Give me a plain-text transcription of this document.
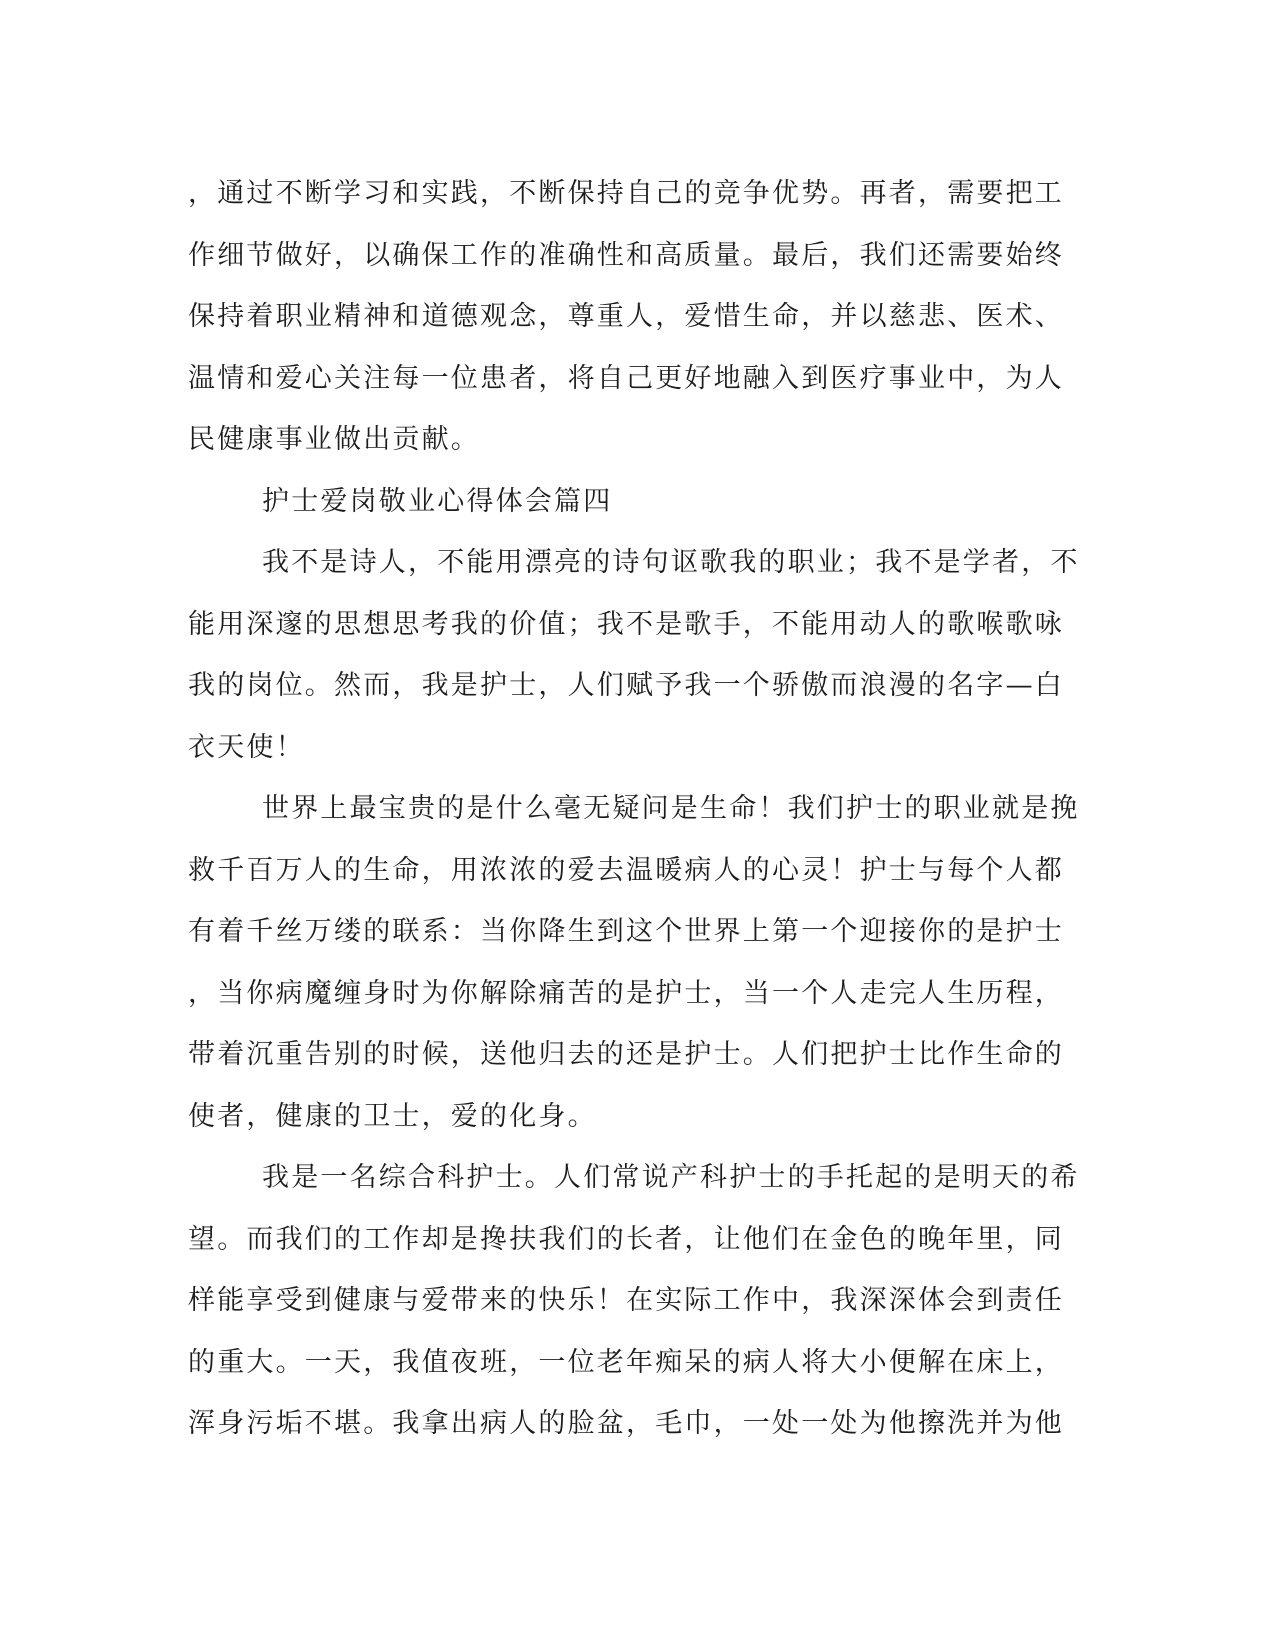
，通过不断学习和实践，不断保持自己的竞争优势。再者，需要把工
作细节做好，以确保工作的准确性和高质量。最后，我们还需要始终
保持着职业精神和道德观念，尊重人，爱惜生命，并以慈悲、医术、
温情和爱心关注每一位患者，将自己更好地融入到医疗事业中，为人
民健康事业做出贡献。
护士爱岗敬业心得体会篇四
我不是诗人，不能用漂亮的诗句讴歌我的职业；我不是学者，不
能用深邃的思想思考我的价值；我不是歌手，不能用动人的歌喉歌咏
我的岗位。然而，我是护士，人们赋予我一个骄傲而浪漫的名字—白
衣天使！
世界上最宝贵的是什么毫无疑问是生命！我们护士的职业就是挽
救千百万人的生命，用浓浓的爱去温暖病人的心灵！护士与每个人都
有着千丝万缕的联系：当你降生到这个世界上第一个迎接你的是护士
，当你病魔缠身时为你解除痛苦的是护士，当一个人走完人生历程，
带着沉重告别的时候，送他归去的还是护士。人们把护士比作生命的
使者，健康的卫士，爱的化身。
我是一名综合科护士。人们常说产科护士的手托起的是明天的希
望。而我们的工作却是搀扶我们的长者，让他们在金色的晚年里，同
样能享受到健康与爱带来的快乐！在实际工作中，我深深体会到责任
的重大。一天，我值夜班，一位老年痴呆的病人将大小便解在床上，
浑身污垢不堪。我拿出病人的脸盆，毛巾，一处一处为他擦洗并为他
